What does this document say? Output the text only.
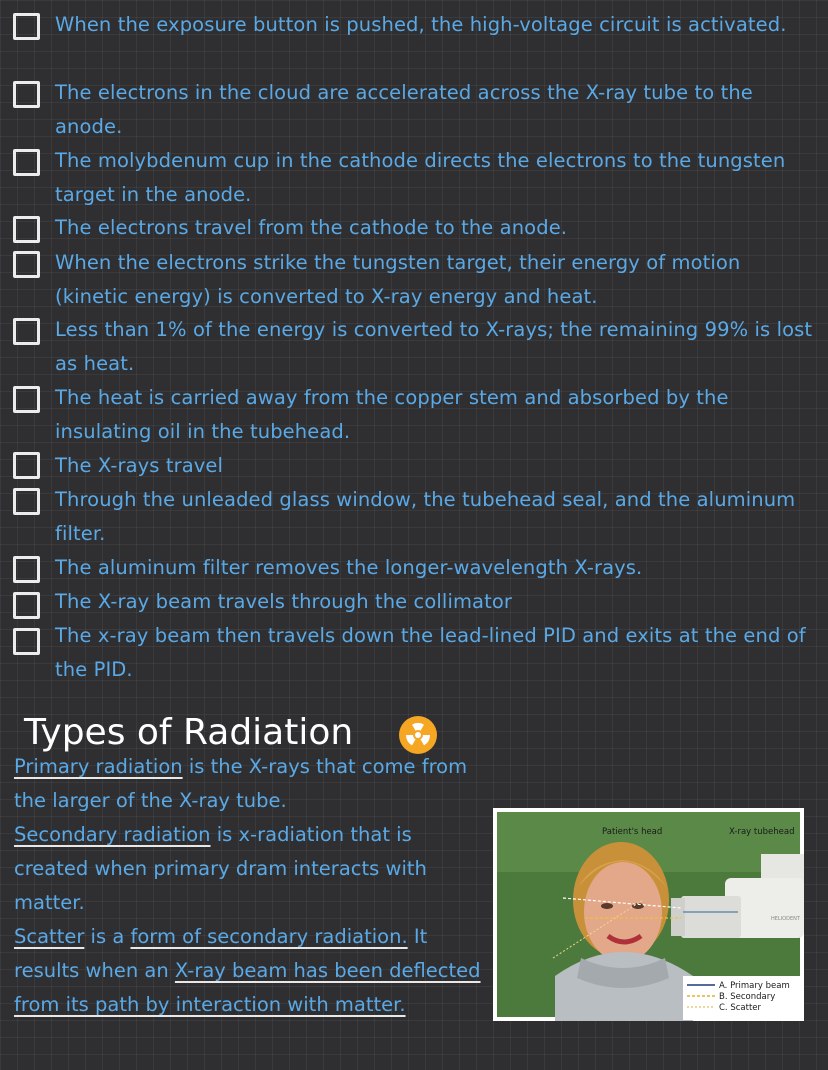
When the exposure button is pushed, the high-voltage circuit is activated.
The electrons in the cloud are accelerated across the X-ray tube to the anode.
The molybdenum cup in the cathode directs the electrons to the tungsten target in the anode.
The electrons travel from the cathode to the anode.
When the electrons strike the tungsten target, their energy of motion (kinetic energy) is converted to X-ray energy and heat.
Less than 1% of the energy is converted to X-rays; the remaining 99% is lost as heat.
The heat is carried away from the copper stem and absorbed by the insulating oil in the tubehead.
The X-rays travel
Through the unleaded glass window, the tubehead seal, and the aluminum filter.
The aluminum filter removes the longer-wavelength X-rays.
The X-ray beam travels through the collimator
The x-ray beam then travels down the lead-lined PID and exits at the end of the PID.
Types of Radiation

Primary radiation is the X-rays that come from the larger of the X-ray tube.

Secondary radiation is x-radiation that is created when primary dram interacts with matter.

Scatter is a form of secondary radiation. It results when an X-ray beam has been deflected from its path by interaction with matter.

HELIODENT
Patient's head	X-ray tubehead
A. Primary beam
B. Secondary
C. Scatter
